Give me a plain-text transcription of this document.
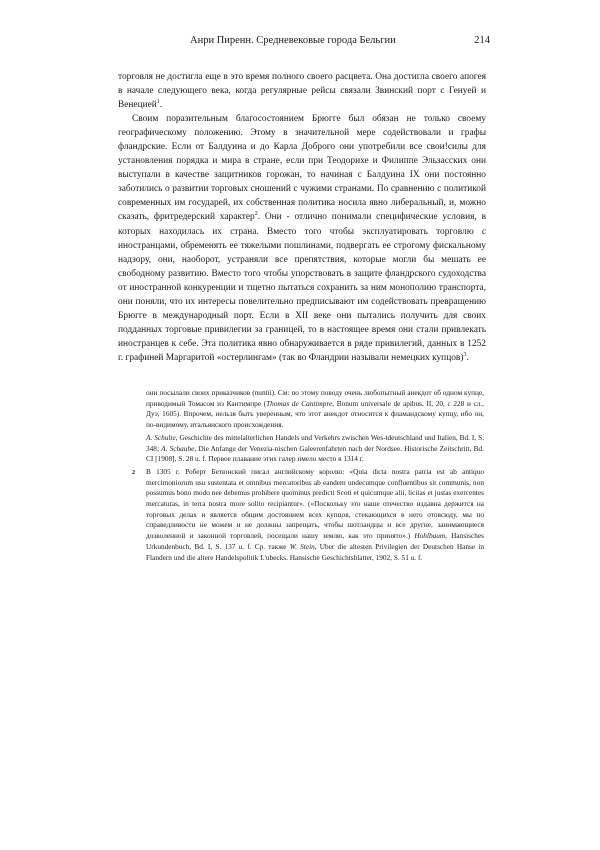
Анри Пиренн. Средневековые города Бельгии	214

торговля не достигла еще в это время полного своего расцвета. Она достигла своего апогея в начале следующего века, когда регулярные рейсы связали Звинский порт с Генуей и Венецией$^1$.

Своим поразительным благосостоянием Брюгге был обязан не только своему географическому положению. Этому в значительной мере содействовали и графы фландрские. Если от Балдуина и до Карла Доброго они употребили все свои!силы для установления порядка и мира в стране, если при Теодорихе и Филиппе Эльзасских они выступали в качестве защитников горожан, то начиная с Балдуина IX они постоянно заботились о развитии торговых сношений с чужими странами. По сравнению с политикой современных им государей, их собственная политика носила явно либеральный, и, можно сказать, фритредерский характер$^2$. Они - отлично понимали специфические условия, в которых находилась их страна. Вместо того чтобы эксплуатировать торговлю с иностранцами, обременять ее тяжелыми пошлинами, подвергать ее строгому фискальному надзору, они, наоборот, устраняли все препятствия, которые могли бы мешать ее свободному развитию. Вместо того чтобы упорствовать в защите фландрского судоходства от иностранной конкуренции и тщетно пытаться сохранить за ним монополию транспорта, они поняли, что их интересы повелительно предписывают им содействовать превращению Брюгге в международный порт. Если в XII веке они пытались получить для своих подданных торговые привилегии за границей, то в настоящее время они стали привлекать иностранцев к себе. Эта политика явно обнаруживается в ряде привилегий, данных в 1252 г. графиней Маргаритой «остерлингам» (так во Фландрии называли немецких купцов)$^3$.

они посылали своих приказчиков (nuntii). См: по этому поводу очень любопытный анекдот об одном купце, приводимый Томасом из Кантимпре (Thomas de Cantimpre, Bonum universale de apibus, II, 20, с 228 и сл., Дуэ, 1605). Впрочем, нельзя быть уверенным, что этот анекдот относится к фламандскому купцу, ибо он, по-видимому, итальянского происхождения.

A. Schulte, Geschichte des mittelalterlichen Handels und Verkehrs zwischen Wes-tdeutschland und Italien, Bd. I, S. 348; A. Schaube, Die Anfange der Venezia-nischen Galeerenfahrten nach der Nordsee. Historische Zeitschritt, Bd. CI [1908], S. 28 u. f. Первое плавание этих галер имело место в 1314 г.

В 1305 г. Роберт Бетюнский писал английскому королю: «Quia dicta nostra patria est ab antiquo mercimoniorum usu sustentata et omnibus mercatoribus ab eandem undecumque confluentibus sit communis, non possumus bono modo nee debemus prohibere quominus predicti Scoti et quicumque alii, licitas et justas exercentes mercaturas, in terra nostra more solito recipiantur». («Поскольку это наше отечество издавна держится на торговых делах и является общим достоянием всех купцов, стекающихся в него отовсюду, мы по справедливости не можем и не должны запрещать, чтобы шотландцы и все другие, занимающиеся дозволенной и законной торговлей, посещали нашу землю, как это принято».) Hohlbaum, Hansisches Urkundenbuch, Bd. I, S. 137 u. f. Ср. также W. Stein, Uber die altesten Privilegien der Deutschen Hanse in Flandern und die altere Handelspolitik L'ubecks. Hansische Geschichtsblatter, 1902, S. 51 u. f.

2
